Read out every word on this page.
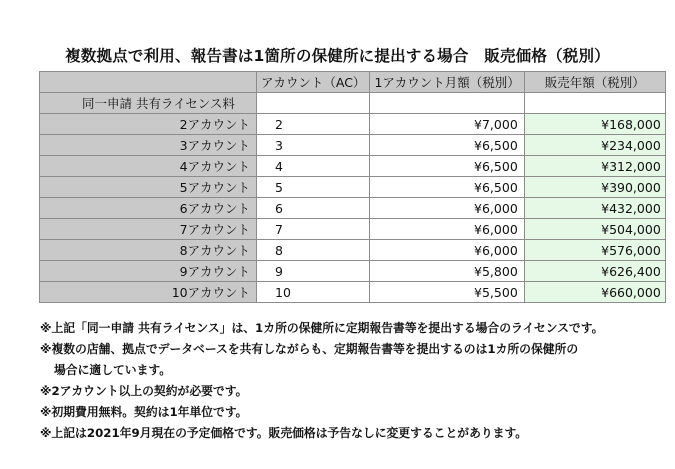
複数拠点で利用、報告書は1箇所の保健所に提出する場合　販売価格（税別）
	アカウント（AC）	1アカウント月額（税別）	販売年額（税別）
同一申請 共有ライセンス料			
2アカウント	2	¥7,000	¥168,000
3アカウント	3	¥6,500	¥234,000
4アカウント	4	¥6,500	¥312,000
5アカウント	5	¥6,500	¥390,000
6アカウント	6	¥6,000	¥432,000
7アカウント	7	¥6,000	¥504,000
8アカウント	8	¥6,000	¥576,000
9アカウント	9	¥5,800	¥626,400
10アカウント	10	¥5,500	¥660,000
※上記「同一申請 共有ライセンス」は、1カ所の保健所に定期報告書等を提出する場合のライセンスです。
※複数の店舗、拠点でデータベースを共有しながらも、定期報告書等を提出するのは1カ所の保健所の
場合に適しています。
※2アカウント以上の契約が必要です。
※初期費用無料。契約は1年単位です。
※上記は2021年9月現在の予定価格です。販売価格は予告なしに変更することがあります。
